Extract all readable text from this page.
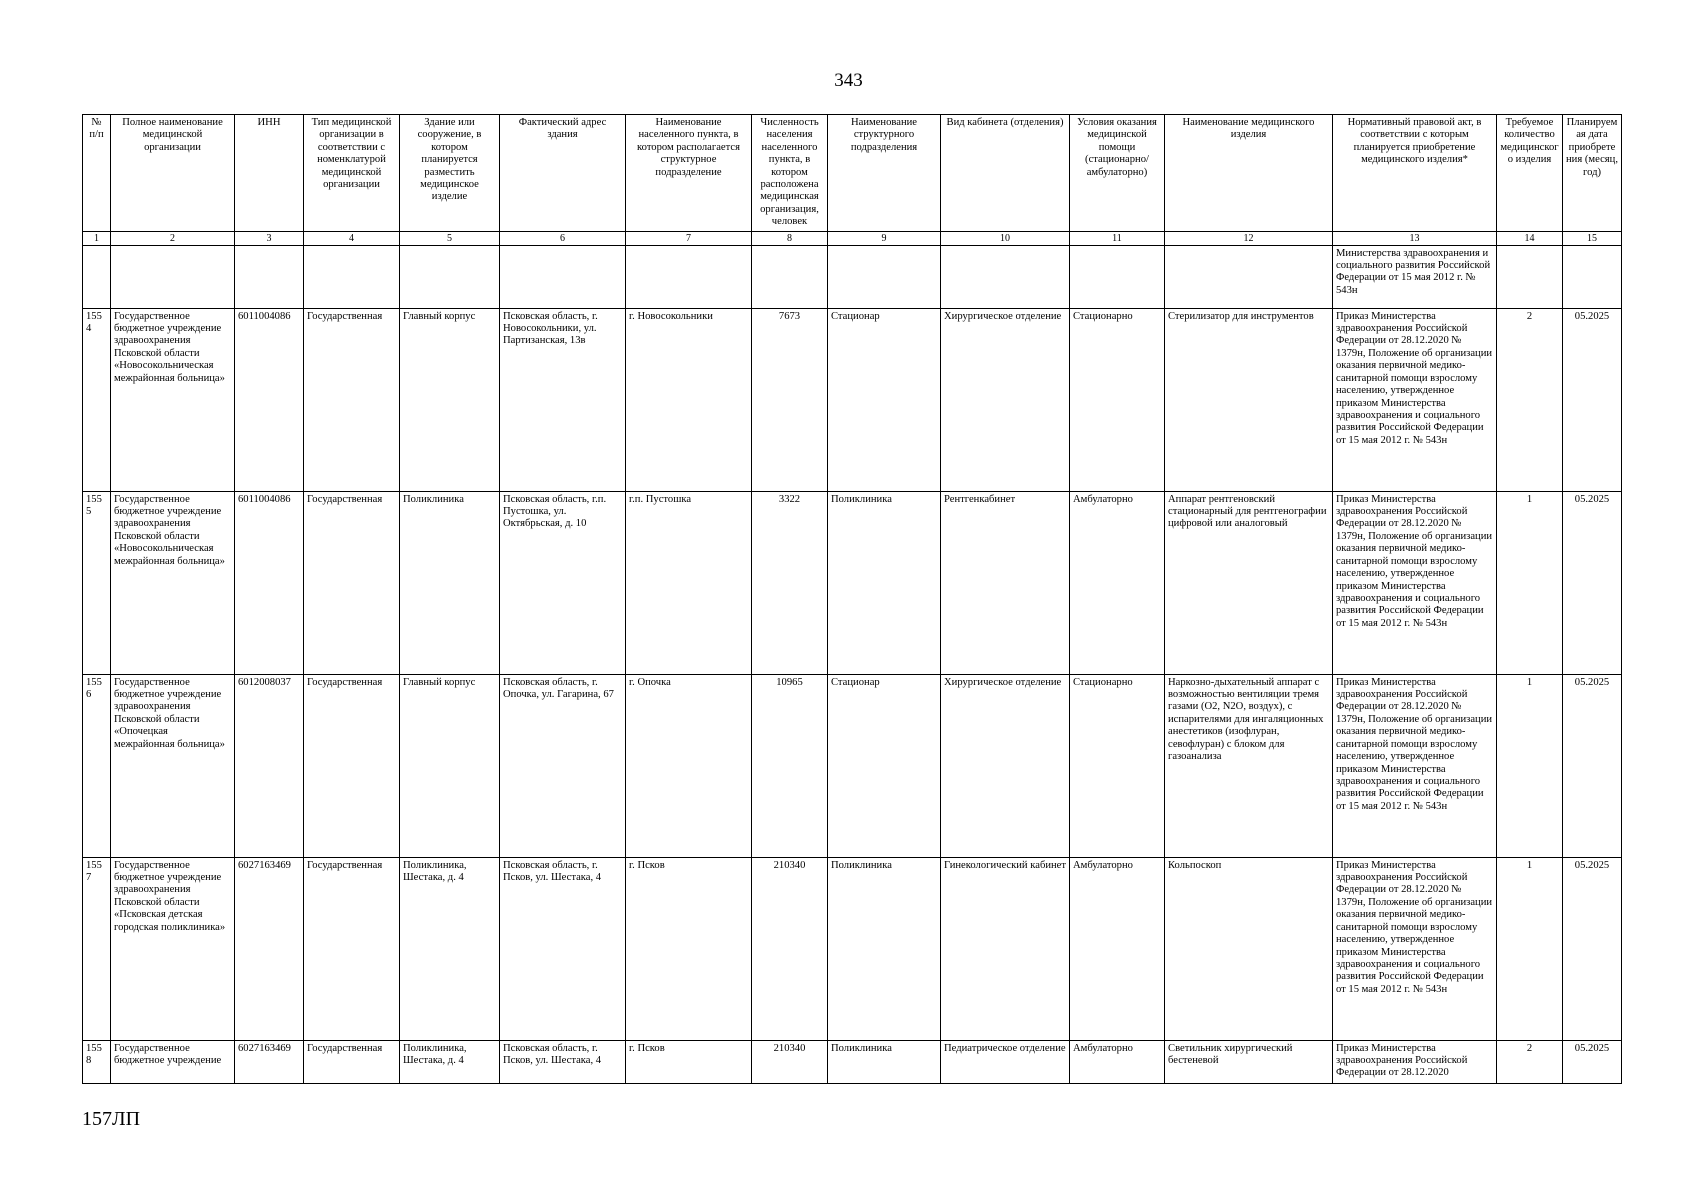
343
№ п/п	Полное наименование медицинской организации	ИНН	Тип медицинской организации в соответствии с номенклатурой медицинской организации	Здание или сооружение, в котором планируется разместить медицинское изделие	Фактический адрес здания	Наименование населенного пункта, в котором располагается структурное подразделение	Численность населения населенного пункта, в котором расположена медицинская организация, человек	Наименование структурного подразделения	Вид кабинета (отделения)	Условия оказания медицинской помощи (стационарно/ амбулаторно)	Наименование медицинского изделия	Нормативный правовой акт, в соответствии с которым планируется приобретение медицинского изделия*	Требуемое количество медицинского изделия	Планируемая дата приобретения (месяц, год)
1	2	3	4	5	6	7	8	9	10	11	12	13	14	15
												Министерства здравоохранения и социального развития Российской Федерации от 15 мая 2012 г. № 543н		
1554	Государственное бюджетное учреждение здравоохранения Псковской области «Новосокольническая межрайонная больница»	6011004086	Государственная	Главный корпус	Псковская область, г. Новосокольники, ул. Партизанская, 13в	г. Новосокольники	7673	Стационар	Хирургическое отделение	Стационарно	Стерилизатор для инструментов	Приказ Министерства здравоохранения Российской Федерации от 28.12.2020 № 1379н, Положение об организации оказания первичной медико-санитарной помощи взрослому населению, утвержденное приказом Министерства здравоохранения и социального развития Российской Федерации от 15 мая 2012 г. № 543н	2	05.2025
1555	Государственное бюджетное учреждение здравоохранения Псковской области «Новосокольническая межрайонная больница»	6011004086	Государственная	Поликлиника	Псковская область, г.п. Пустошка, ул. Октябрьская, д. 10	г.п. Пустошка	3322	Поликлиника	Рентгенкабинет	Амбулаторно	Аппарат рентгеновский стационарный для рентгенографии цифровой или аналоговый	Приказ Министерства здравоохранения Российской Федерации от 28.12.2020 № 1379н, Положение об организации оказания первичной медико-санитарной помощи взрослому населению, утвержденное приказом Министерства здравоохранения и социального развития Российской Федерации от 15 мая 2012 г. № 543н	1	05.2025
1556	Государственное бюджетное учреждение здравоохранения Псковской области «Опочецкая межрайонная больница»	6012008037	Государственная	Главный корпус	Псковская область, г. Опочка, ул. Гагарина, 67	г. Опочка	10965	Стационар	Хирургическое отделение	Стационарно	Наркозно-дыхательный аппарат с возможностью вентиляции тремя газами (O2, N2O, воздух), с испарителями для ингаляционных анестетиков (изофлуран, севофлуран) с блоком для газоанализа	Приказ Министерства здравоохранения Российской Федерации от 28.12.2020 № 1379н, Положение об организации оказания первичной медико-санитарной помощи взрослому населению, утвержденное приказом Министерства здравоохранения и социального развития Российской Федерации от 15 мая 2012 г. № 543н	1	05.2025
1557	Государственное бюджетное учреждение здравоохранения Псковской области «Псковская детская городская поликлиника»	6027163469	Государственная	Поликлиника, Шестака, д. 4	Псковская область, г. Псков, ул. Шестака, 4	г. Псков	210340	Поликлиника	Гинекологический кабинет	Амбулаторно	Кольпоскоп	Приказ Министерства здравоохранения Российской Федерации от 28.12.2020 № 1379н, Положение об организации оказания первичной медико-санитарной помощи взрослому населению, утвержденное приказом Министерства здравоохранения и социального развития Российской Федерации от 15 мая 2012 г. № 543н	1	05.2025
1558	Государственное бюджетное учреждение	6027163469	Государственная	Поликлиника, Шестака, д. 4	Псковская область, г. Псков, ул. Шестака, 4	г. Псков	210340	Поликлиника	Педиатрическое отделение	Амбулаторно	Светильник хирургический бестеневой	Приказ Министерства здравоохранения Российской Федерации от 28.12.2020	2	05.2025
157ЛП
